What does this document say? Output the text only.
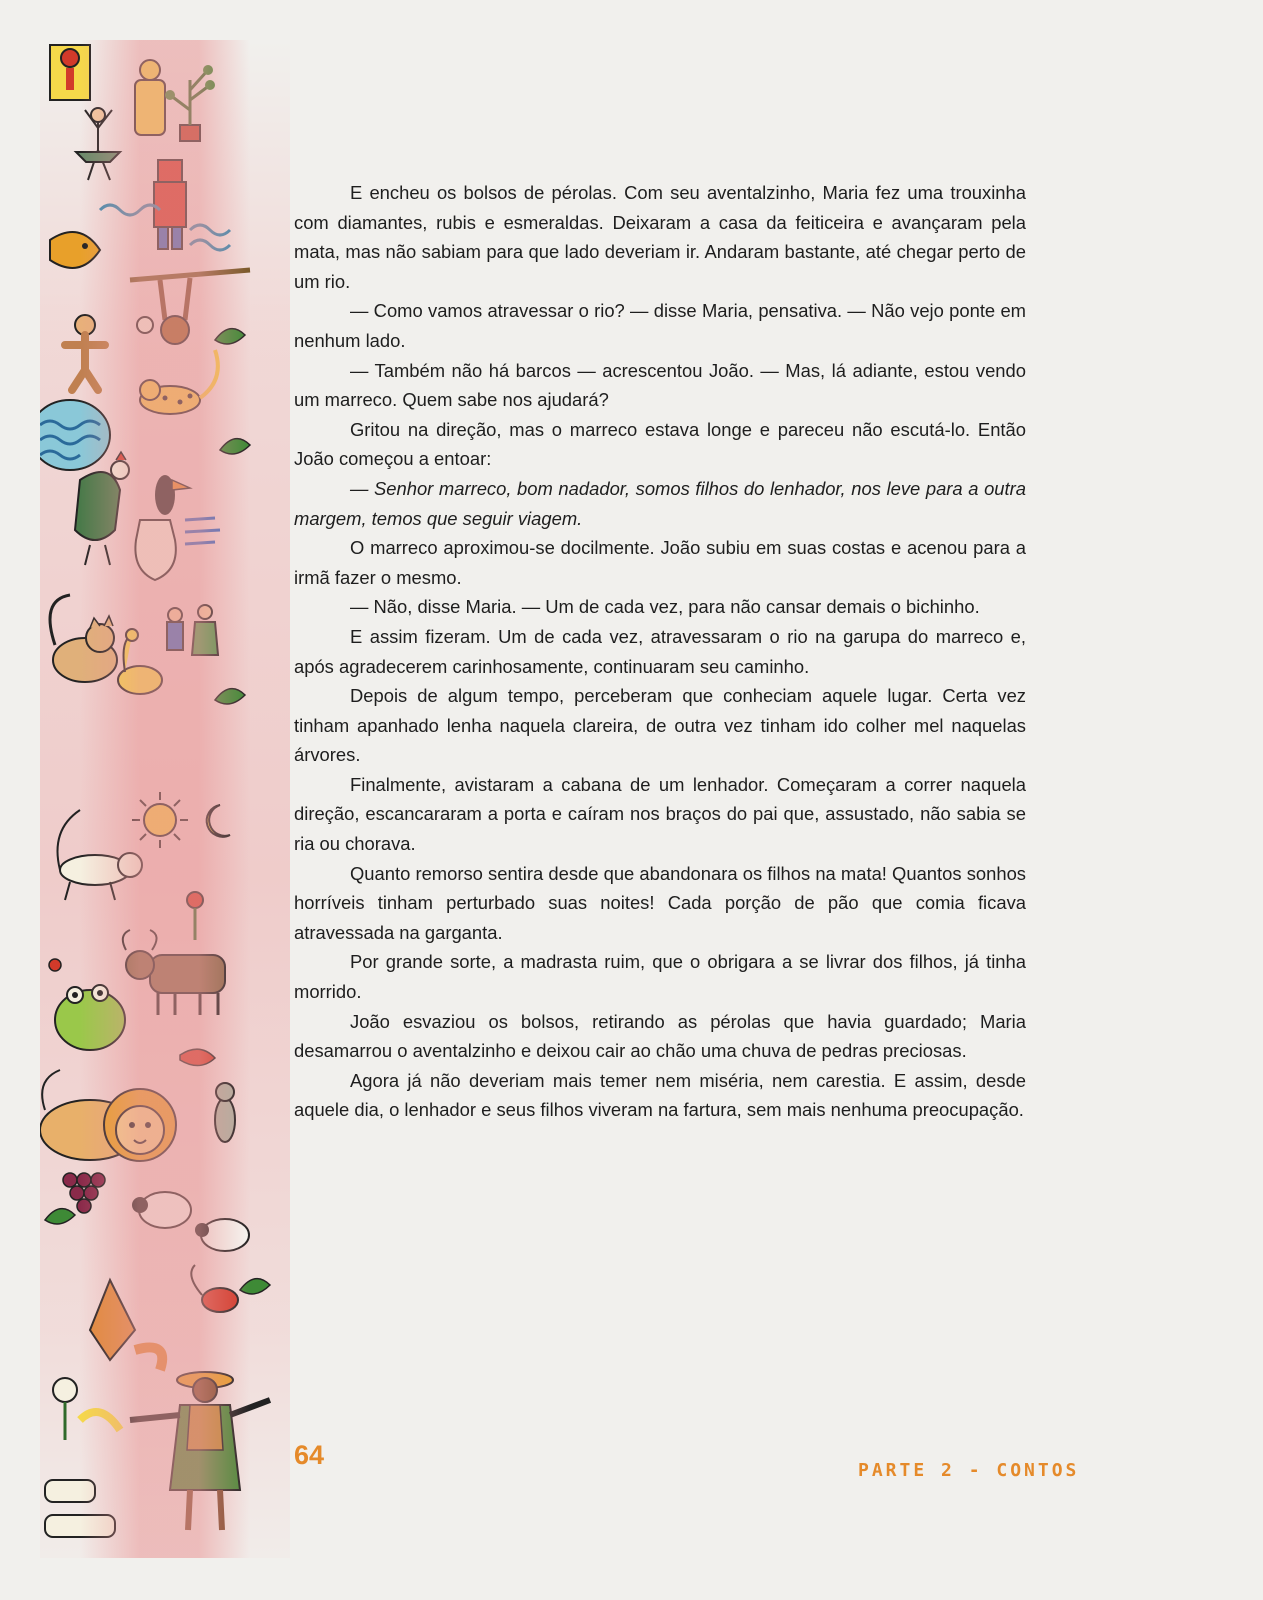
E encheu os bolsos de pérolas. Com seu aventalzinho, Maria fez uma trouxinha com diamantes, rubis e esmeraldas. Deixaram a casa da feiticeira e avançaram pela mata, mas não sabiam para que lado deveriam ir. Andaram bastante, até chegar perto de um rio.

— Como vamos atravessar o rio? — disse Maria, pensativa. — Não vejo ponte em nenhum lado.

— Também não há barcos — acrescentou João. — Mas, lá adiante, estou vendo um marreco. Quem sabe nos ajudará?

Gritou na direção, mas o marreco estava longe e pareceu não escutá-lo. Então João começou a entoar:

— Senhor marreco, bom nadador, somos filhos do lenhador, nos leve para a outra margem, temos que seguir viagem.

O marreco aproximou-se docilmente. João subiu em suas costas e acenou para a irmã fazer o mesmo.

— Não, disse Maria. — Um de cada vez, para não cansar demais o bichinho.

E assim fizeram. Um de cada vez, atravessaram o rio na garupa do marreco e, após agradecerem carinhosamente, continuaram seu caminho.

Depois de algum tempo, perceberam que conheciam aquele lugar. Certa vez tinham apanhado lenha naquela clareira, de outra vez tinham ido colher mel naquelas árvores.

Finalmente, avistaram a cabana de um lenhador. Começaram a correr naquela direção, escancararam a porta e caíram nos braços do pai que, assustado, não sabia se ria ou chorava.

Quanto remorso sentira desde que abandonara os filhos na mata! Quantos sonhos horríveis tinham perturbado suas noites! Cada porção de pão que comia ficava atravessada na garganta.

Por grande sorte, a madrasta ruim, que o obrigara a se livrar dos filhos, já tinha morrido.

João esvaziou os bolsos, retirando as pérolas que havia guardado; Maria desamarrou o aventalzinho e deixou cair ao chão uma chuva de pedras preciosas.

Agora já não deveriam mais temer nem miséria, nem carestia. E assim, desde aquele dia, o lenhador e seus filhos viveram na fartura, sem mais nenhuma preocupação.

64
PARTE 2 - CONTOS
